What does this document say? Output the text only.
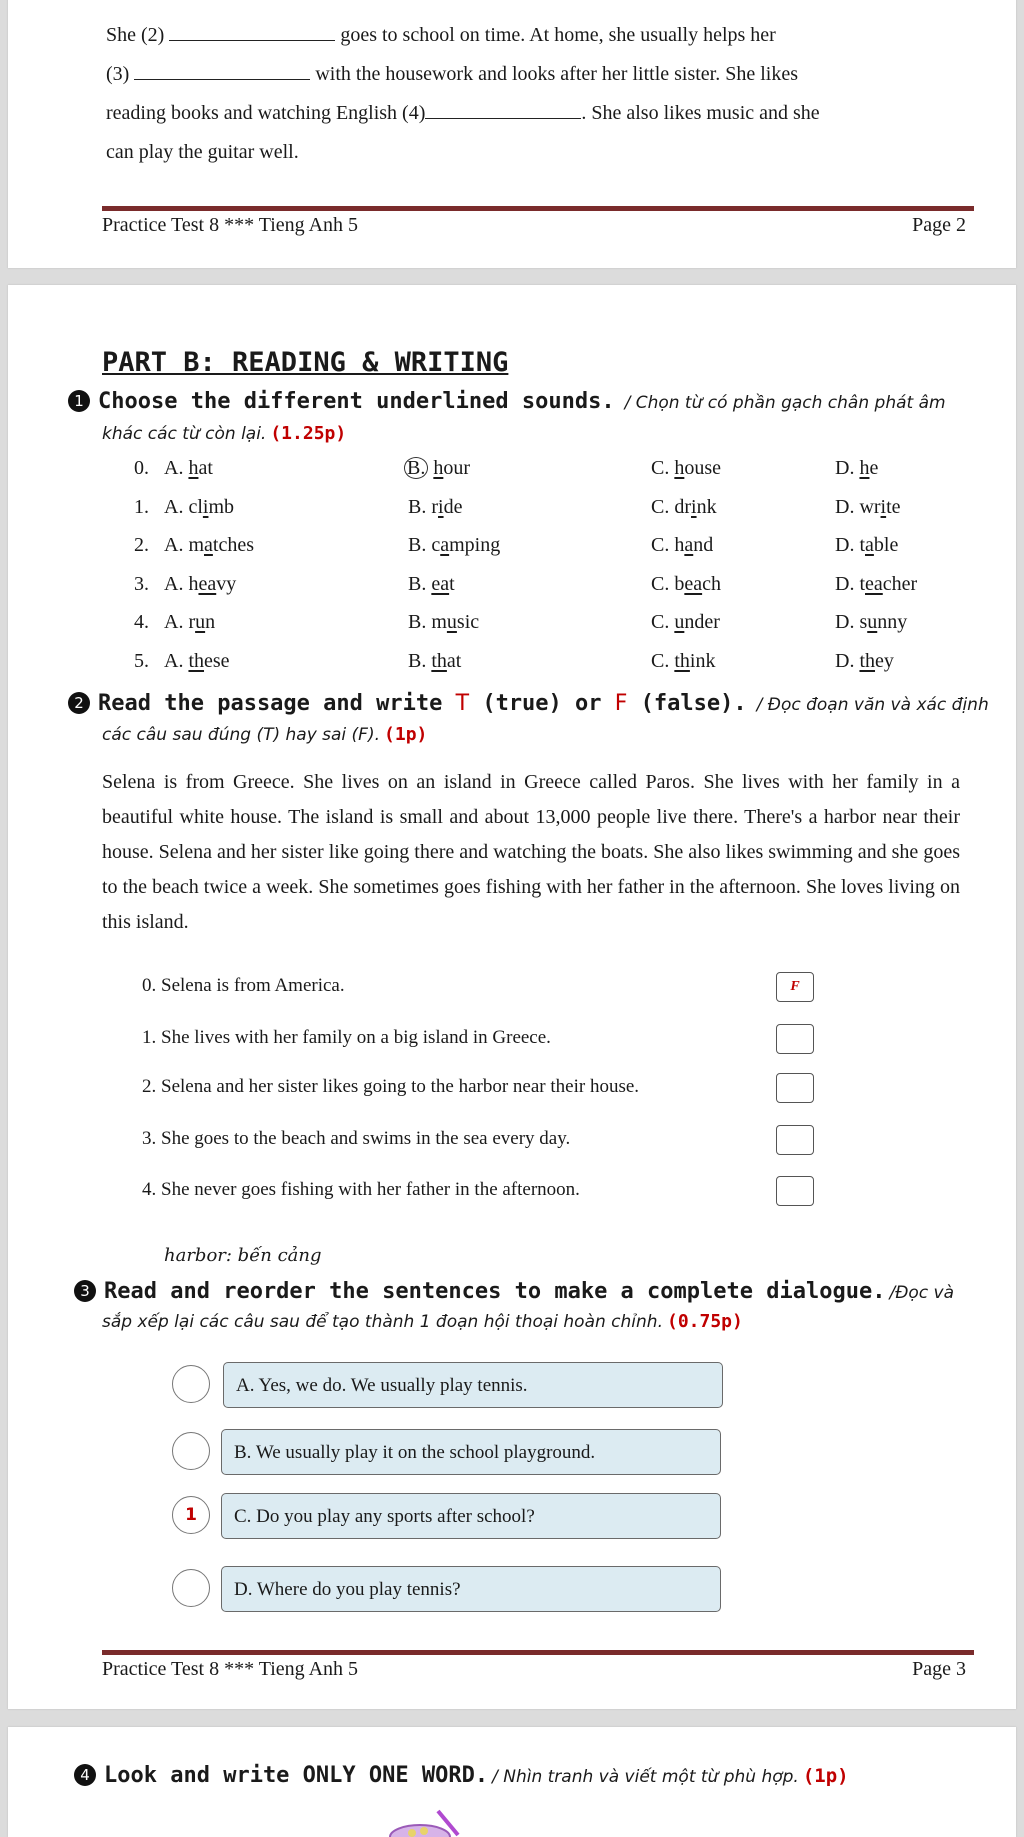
She (2)	goes to school on time. At home, she usually helps her
(3)	with the housework and looks after her little sister. She likes
reading books and watching English (4)	. She also likes music and she
can play the guitar well.
Practice Test 8 *** Tieng Anh 5	Page 2
PART B: READING & WRITING
1 Choose the different underlined sounds. / Chọn từ có phần gạch chân phát âm
khác các từ còn lại. (1.25p)
0. A. hat	B. hour	C. house	D. he
1. A. climb	B. ride	C. drink	D. write
2. A. matches	B. camping	C. hand	D. table
3. A. heavy	B. eat	C. beach	D. teacher
4. A. run	B. music	C. under	D. sunny
5. A. these	B. that	C. think	D. they
2 Read the passage and write T (true) or F (false). / Đọc đoạn văn và xác định
các câu sau đúng (T) hay sai (F). (1p)
Selena is from Greece. She lives on an island in Greece called Paros. She lives with her family in a beautiful white house. The island is small and about 13,000 people live there. There's a harbor near their house. Selena and her sister like going there and watching the boats. She also likes swimming and she goes to the beach twice a week. She sometimes goes fishing with her father in the afternoon. She loves living on this island.
0. Selena is from America.	F
1. She lives with her family on a big island in Greece.
2. Selena and her sister likes going to the harbor near their house.
3. She goes to the beach and swims in the sea every day.
4. She never goes fishing with her father in the afternoon.
harbor: bến cảng
3 Read and reorder the sentences to make a complete dialogue. /Đọc và
sắp xếp lại các câu sau để tạo thành 1 đoạn hội thoại hoàn chỉnh. (0.75p)
A. Yes, we do. We usually play tennis.
B. We usually play it on the school playground.
1	C. Do you play any sports after school?
D. Where do you play tennis?
Practice Test 8 *** Tieng Anh 5	Page 3
4 Look and write ONLY ONE WORD. / Nhìn tranh và viết một từ phù hợp. (1p)
